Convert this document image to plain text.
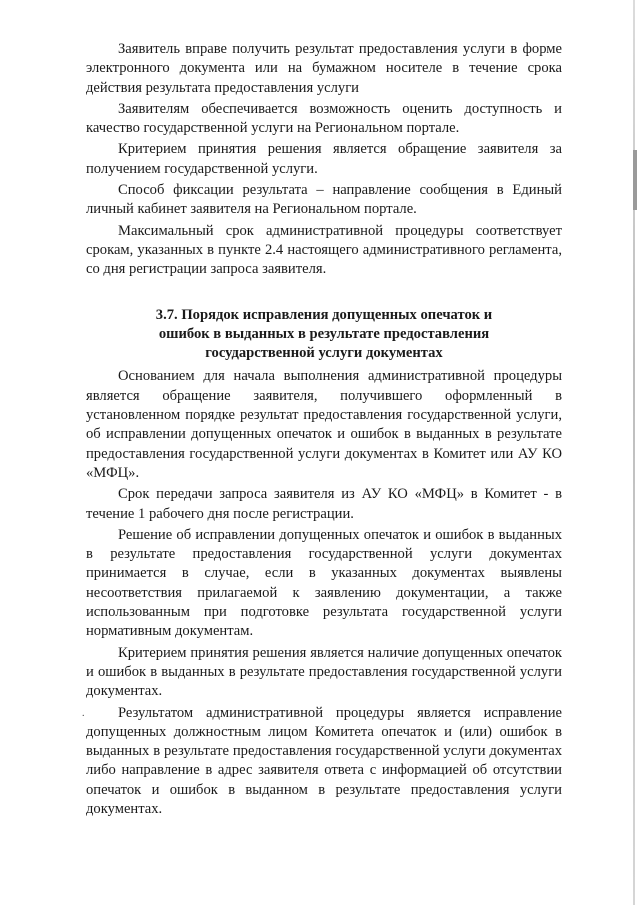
Заявитель вправе получить результат предоставления услуги в форме электронного документа или на бумажном носителе в течение срока действия результата предоставления услуги

Заявителям обеспечивается возможность оценить доступность и качество государственной услуги на Региональном портале.

Критерием принятия решения является обращение заявителя за получением государственной услуги.

Способ фиксации результата – направление сообщения в Единый личный кабинет заявителя на Региональном портале.

Максимальный срок административной процедуры соответствует срокам, указанных в пункте 2.4 настоящего административного регламента, со дня регистрации запроса заявителя.

3.7. Порядок исправления допущенных опечаток и ошибок в выданных в результате предоставления государственной услуги документах

Основанием для начала выполнения административной процедуры является обращение заявителя, получившего оформленный в установленном порядке результат предоставления государственной услуги, об исправлении допущенных опечаток и ошибок в выданных в результате предоставления государственной услуги документах в Комитет или АУ КО «МФЦ».

Срок передачи запроса заявителя из АУ КО «МФЦ» в Комитет - в течение 1 рабочего дня после регистрации.

Решение об исправлении допущенных опечаток и ошибок в выданных в результате предоставления государственной услуги документах принимается в случае, если в указанных документах выявлены несоответствия прилагаемой к заявлению документации, а также использованным при подготовке результата государственной услуги нормативным документам.

Критерием принятия решения является наличие допущенных опечаток и ошибок в выданных в результате предоставления государственной услуги документах.

.	Результатом административной процедуры является исправление допущенных должностным лицом Комитета опечаток и (или) ошибок в выданных в результате предоставления государственной услуги документах либо направление в адрес заявителя ответа с информацией об отсутствии опечаток и ошибок в выданном в результате предоставления услуги документах.
